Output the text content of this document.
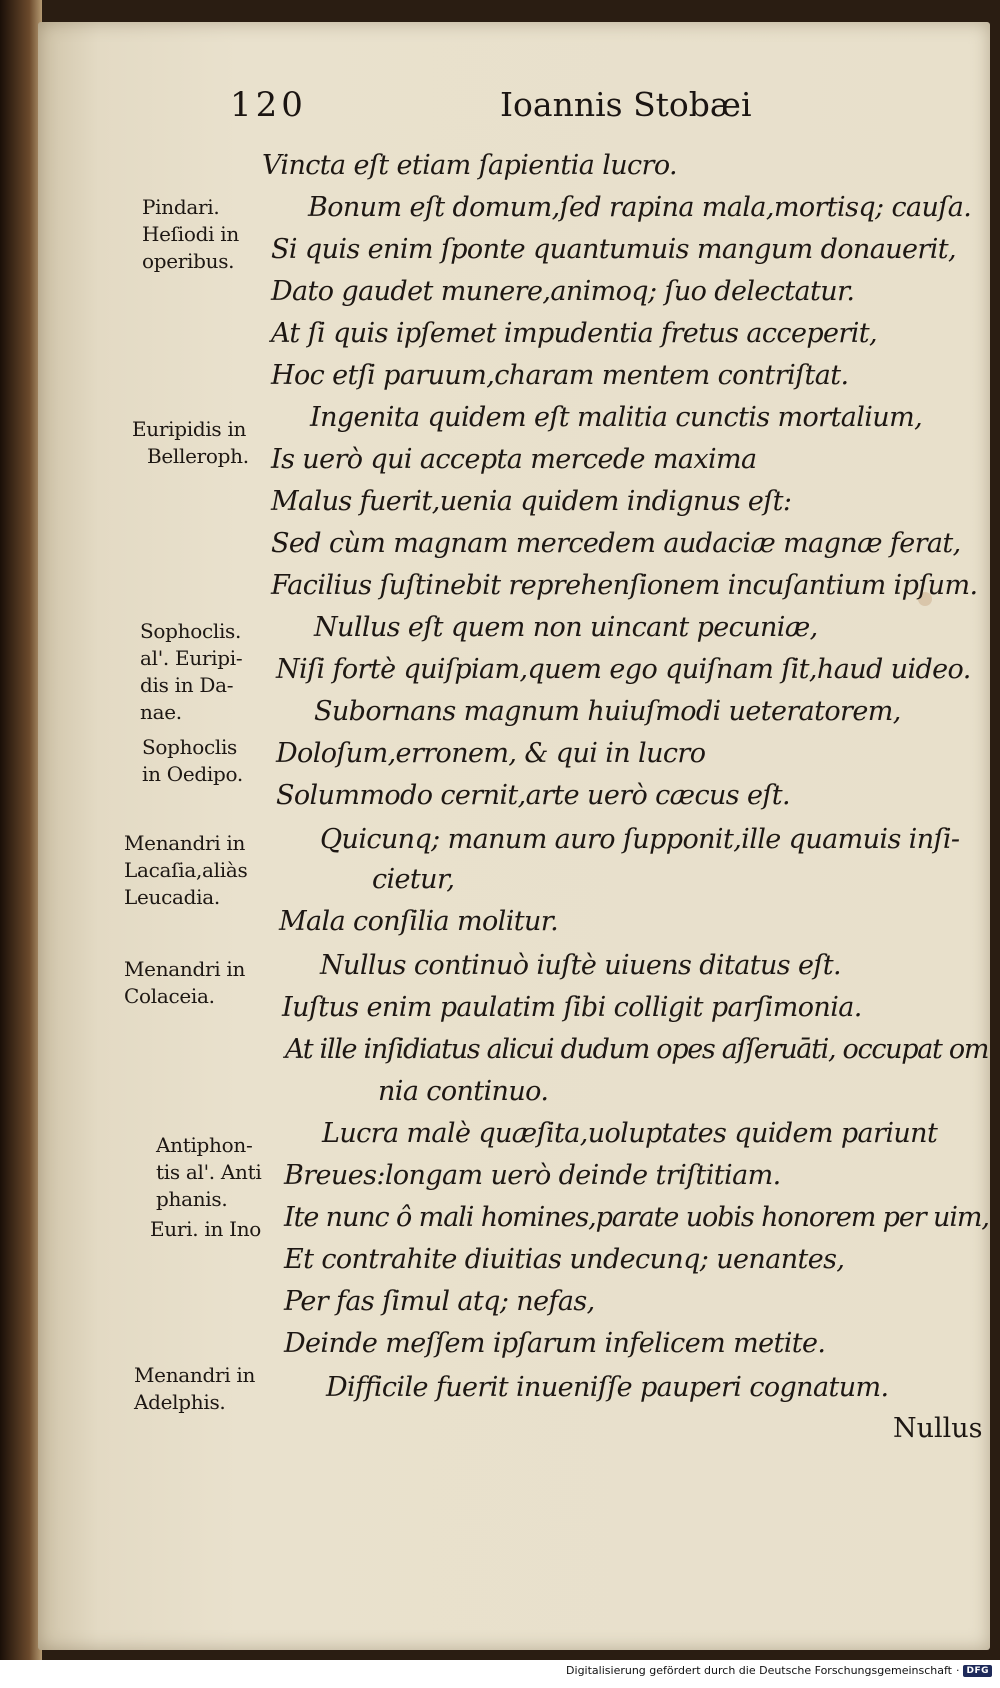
120	Ioannis Stobæi
Vincta eſt etiam ſapientia lucro.
Bonum eſt domum,ſed rapina mala,mortisq; cauſa.
Si quis enim ſponte quantumuis mangum donauerit,
Dato gaudet munere,animoq; ſuo delectatur.
At ſi quis ipſemet impudentia fretus acceperit,
Hoc etſi paruum,charam mentem contriſtat.
Ingenita quidem eſt malitia cunctis mortalium,
Is uerò qui accepta mercede maxima
Malus fuerit,uenia quidem indignus eſt:
Sed cùm magnam mercedem audaciæ magnæ ferat,
Facilius ſuſtinebit reprehenſionem incuſantium ipſum.
Nullus eſt quem non uincant pecuniæ,
Niſi fortè quiſpiam,quem ego quiſnam ſit,haud uideo.
Subornans magnum huiuſmodi ueteratorem,
Doloſum,erronem, & qui in lucro
Solummodo cernit,arte uerò cæcus eſt.
Quicunq; manum auro ſupponit,ille quamuis inſi-
cietur,
Mala conſilia molitur.
Nullus continuò iuſtè uiuens ditatus eſt.
Iuſtus enim paulatim ſibi colligit parſimonia.
At ille inſidiatus alicui dudum opes aſſeruāti, occupat om
nia continuo.
Lucra malè quæſita,uoluptates quidem pariunt
Breues:longam uerò deinde triſtitiam.
Ite nunc ô mali homines,parate uobis honorem per uim,
Et contrahite diuitias undecunq; uenantes,
Per fas ſimul atq; nefas,
Deinde meſſem ipſarum infelicem metite.
Difficile fuerit inueniſſe pauperi cognatum.
Pindari.
Heſiodi in
operibus.
Euripidis in
Belleroph.
Sophoclis.
al'. Euripi-
dis in Da-
nae.
Sophoclis
in Oedipo.
Menandri in
Lacaſia,aliàs
Leucadia.
Menandri in
Colaceia.
Antiphon-
tis al'. Anti
phanis.
Euri. in Ino
Menandri in
Adelphis.
Nullus
Digitalisierung gefördert durch die Deutsche Forschungsgemeinschaft · DFG
